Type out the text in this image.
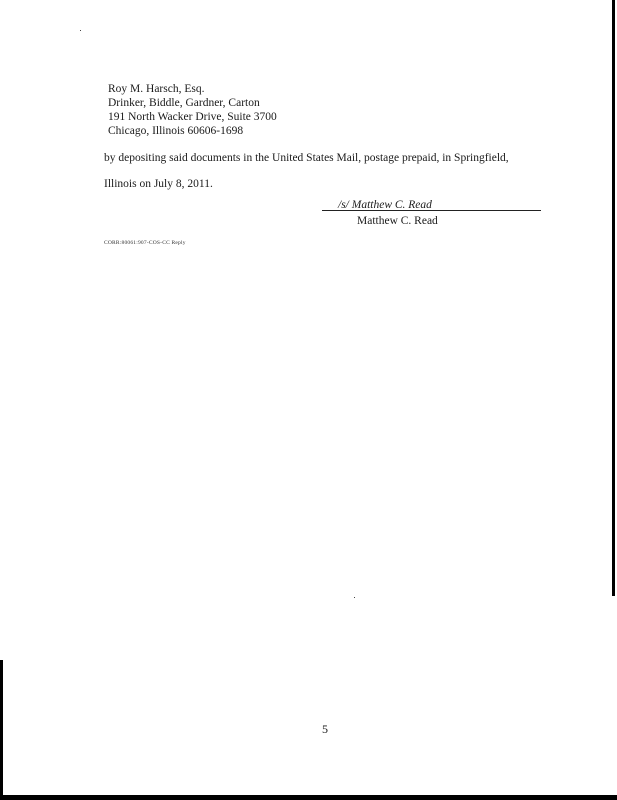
Roy M. Harsch, Esq.
Drinker, Biddle, Gardner, Carton
191 North Wacker Drive, Suite 3700
Chicago, Illinois 60606-1698
by depositing said documents in the United States Mail, postage prepaid, in Springfield,
Illinois on July 8, 2011.
/s/ Matthew C. Read
Matthew C. Read
CORR:80061:907-COS-CC Reply
5
